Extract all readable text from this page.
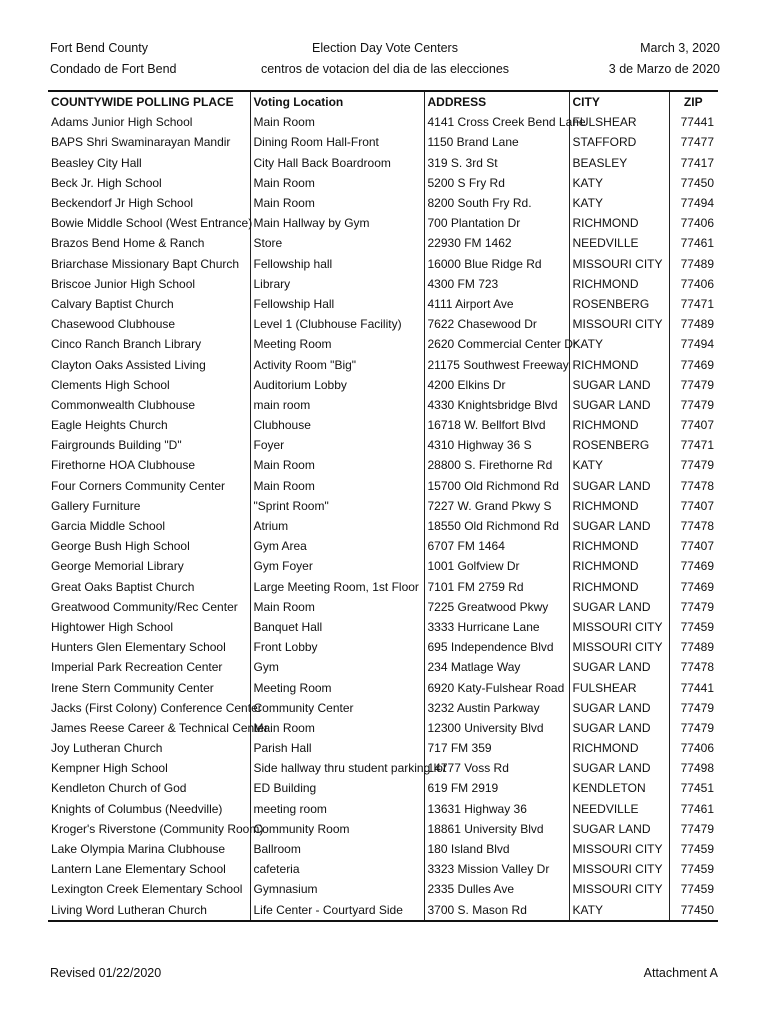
Fort Bend County
Condado de Fort Bend
Election Day Vote Centers
centros de votacion del dia de las elecciones
March 3, 2020
3 de Marzo de 2020
COUNTYWIDE POLLING PLACE	Voting Location	ADDRESS	CITY	ZIP
Adams Junior High School	Main Room	4141 Cross Creek Bend Lane	FULSHEAR	77441
BAPS Shri Swaminarayan Mandir	Dining Room Hall-Front	1150 Brand Lane	STAFFORD	77477
Beasley City Hall	City Hall Back Boardroom	319 S. 3rd St	BEASLEY	77417
Beck Jr. High School	Main Room	5200 S Fry Rd	KATY	77450
Beckendorf Jr High School	Main Room	8200 South Fry Rd.	KATY	77494
Bowie Middle School (West Entrance)	Main Hallway by Gym	700 Plantation Dr	RICHMOND	77406
Brazos Bend Home & Ranch	Store	22930 FM 1462	NEEDVILLE	77461
Briarchase Missionary Bapt Church	Fellowship hall	16000 Blue Ridge Rd	MISSOURI CITY	77489
Briscoe Junior High School	Library	4300 FM 723	RICHMOND	77406
Calvary Baptist Church	Fellowship Hall	4111 Airport Ave	ROSENBERG	77471
Chasewood Clubhouse	Level 1 (Clubhouse Facility)	7622 Chasewood Dr	MISSOURI CITY	77489
Cinco Ranch Branch Library	Meeting Room	2620 Commercial Center Dr	KATY	77494
Clayton Oaks Assisted Living	Activity Room "Big"	21175 Southwest Freeway	RICHMOND	77469
Clements High School	Auditorium Lobby	4200 Elkins Dr	SUGAR LAND	77479
Commonwealth Clubhouse	main room	4330 Knightsbridge Blvd	SUGAR LAND	77479
Eagle Heights Church	Clubhouse	16718 W. Bellfort Blvd	RICHMOND	77407
Fairgrounds Building "D"	Foyer	4310 Highway 36 S	ROSENBERG	77471
Firethorne HOA Clubhouse	Main Room	28800 S. Firethorne Rd	KATY	77479
Four Corners Community Center	Main Room	15700 Old Richmond Rd	SUGAR LAND	77478
Gallery Furniture	"Sprint Room"	7227 W. Grand Pkwy S	RICHMOND	77407
Garcia Middle School	Atrium	18550 Old Richmond Rd	SUGAR LAND	77478
George Bush High School	Gym Area	6707 FM 1464	RICHMOND	77407
George Memorial Library	Gym Foyer	1001 Golfview Dr	RICHMOND	77469
Great Oaks Baptist Church	Large Meeting Room, 1st Floor	7101 FM 2759 Rd	RICHMOND	77469
Greatwood Community/Rec Center	Main Room	7225 Greatwood Pkwy	SUGAR LAND	77479
Hightower High School	Banquet Hall	3333 Hurricane Lane	MISSOURI CITY	77459
Hunters Glen Elementary School	Front Lobby	695 Independence Blvd	MISSOURI CITY	77489
Imperial Park Recreation Center	Gym	234 Matlage Way	SUGAR LAND	77478
Irene Stern Community Center	Meeting Room	6920 Katy-Fulshear Road	FULSHEAR	77441
Jacks (First Colony) Conference Center	Community Center	3232 Austin Parkway	SUGAR LAND	77479
James Reese Career & Technical Center	Main Room	12300 University Blvd	SUGAR LAND	77479
Joy Lutheran Church	Parish Hall	717 FM 359	RICHMOND	77406
Kempner High School	Side hallway thru student parking lot	14777 Voss Rd	SUGAR LAND	77498
Kendleton Church of God	ED Building	619 FM 2919	KENDLETON	77451
Knights of Columbus (Needville)	meeting room	13631 Highway 36	NEEDVILLE	77461
Kroger's Riverstone (Community Room)	Community Room	18861 University Blvd	SUGAR LAND	77479
Lake Olympia Marina Clubhouse	Ballroom	180 Island Blvd	MISSOURI CITY	77459
Lantern Lane Elementary School	cafeteria	3323 Mission Valley Dr	MISSOURI CITY	77459
Lexington Creek Elementary School	Gymnasium	2335 Dulles Ave	MISSOURI CITY	77459
Living Word Lutheran Church	Life Center - Courtyard Side	3700 S. Mason Rd	KATY	77450
Revised 01/22/2020	Attachment A
